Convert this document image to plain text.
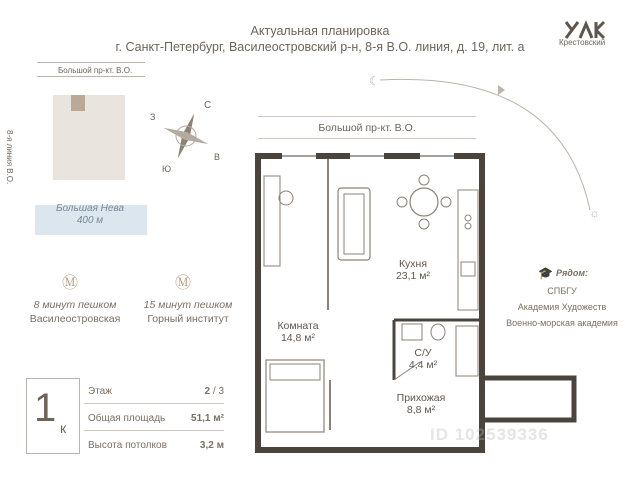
Актуальная планировка
г. Санкт-Петербург, Василеостровский р-н, 8-я В.О. линия, д. 19, лит. а	Крестовский
Большой пр-кт. В.О.
8-я линия В.О.
Большая Нева
400 м
С
З
В
Ю
☾
☼
Большой пр-кт. В.О.
Кухня
23,1 м²
Комната
14,8 м²
С/У
4,4 м²
Прихожая
8,8 м²
Ⓜ
8 минут пешком
Василеостровская
Ⓜ
15 минут пешком
Горный институт
🎓 Рядом:
СПБГУ
Академия Художеств
Военно-морская академия
1 к
Этаж	2 / 3
Общая площадь	51,1 м²
Высота потолков	3,2 м
ID 102539336
